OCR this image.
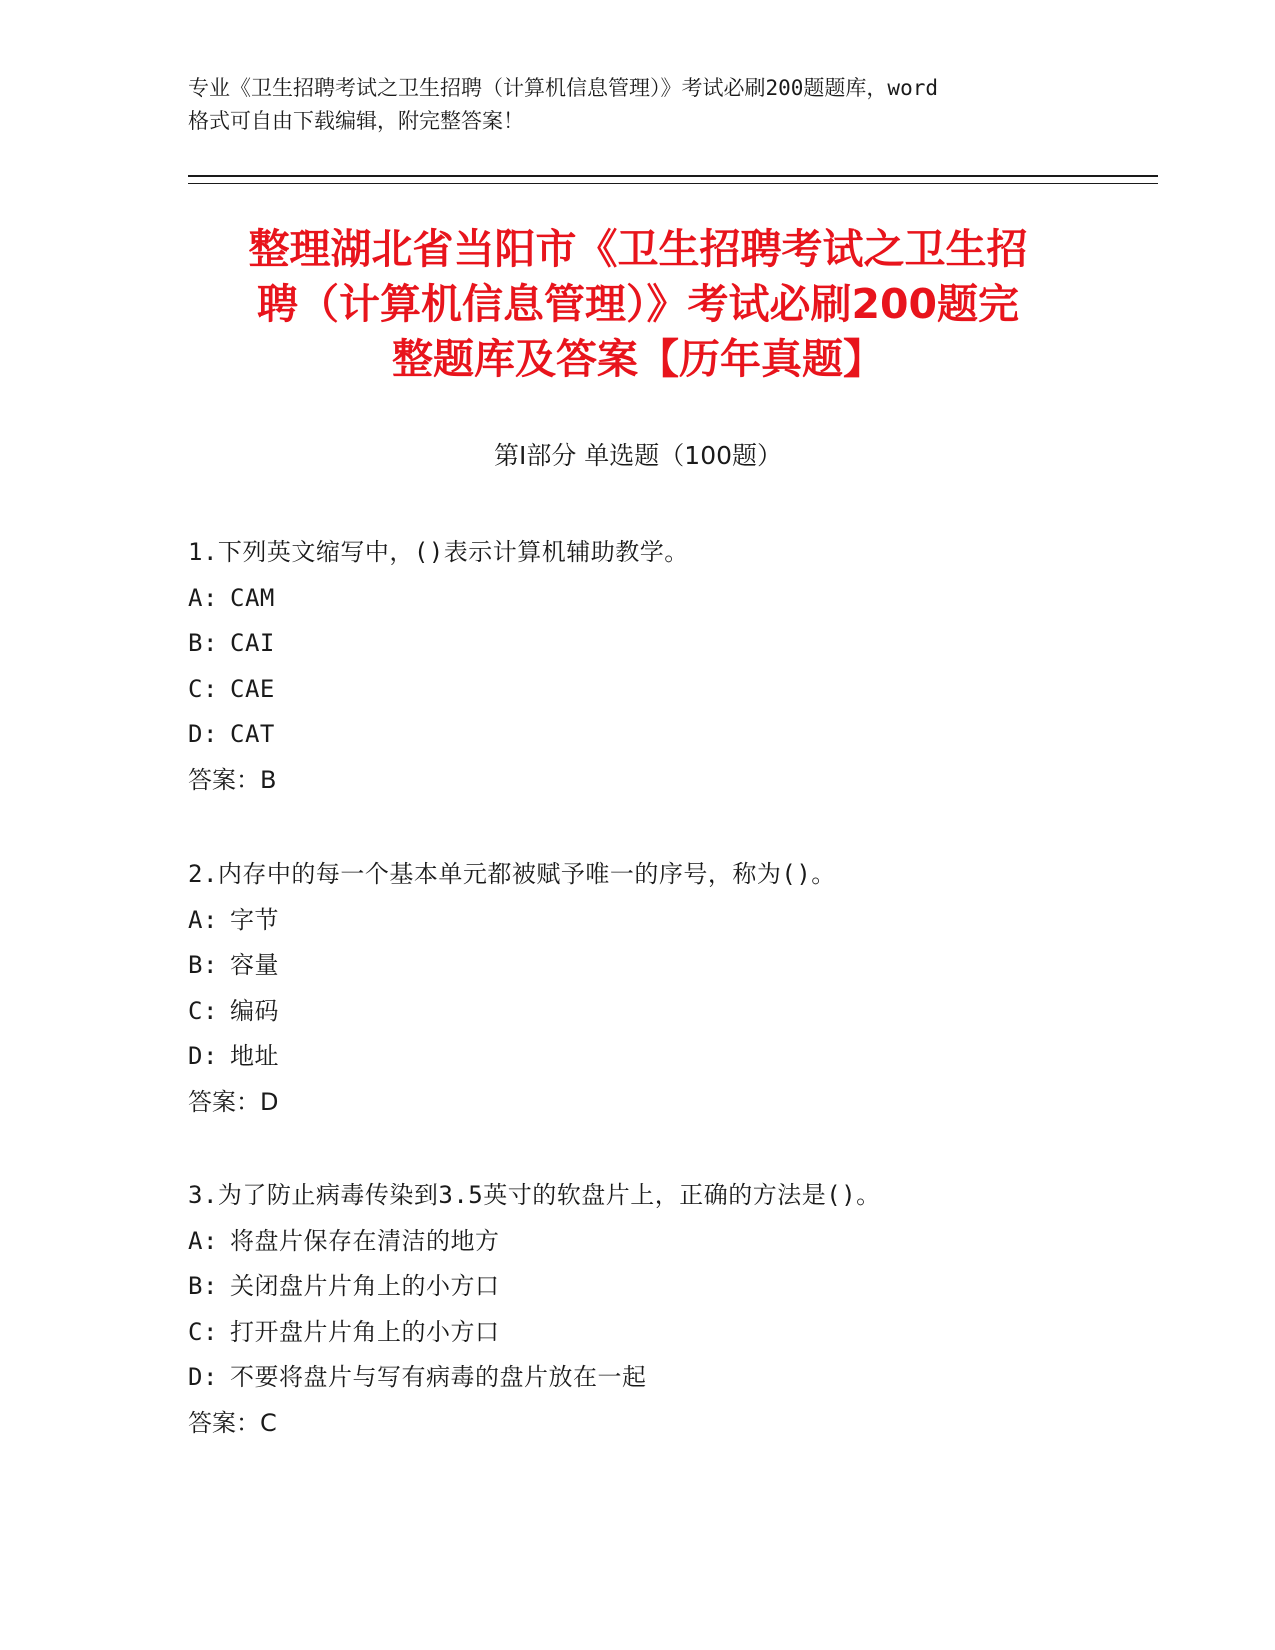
专业《卫生招聘考试之卫生招聘（计算机信息管理）》考试必刷200题题库，word
格式可自由下载编辑，附完整答案！
整理湖北省当阳市《卫生招聘考试之卫生招
聘（计算机信息管理）》考试必刷200题完
整题库及答案【历年真题】
第Ⅰ部分 单选题（100题）
1.下列英文缩写中，()表示计算机辅助教学。
A: CAM
B: CAI
C: CAE
D: CAT
答案：B
2.内存中的每一个基本单元都被赋予唯一的序号，称为()。
A: 字节
B: 容量
C: 编码
D: 地址
答案：D
3.为了防止病毒传染到3.5英寸的软盘片上，正确的方法是()。
A: 将盘片保存在清洁的地方
B: 关闭盘片片角上的小方口
C: 打开盘片片角上的小方口
D: 不要将盘片与写有病毒的盘片放在一起
答案：C
